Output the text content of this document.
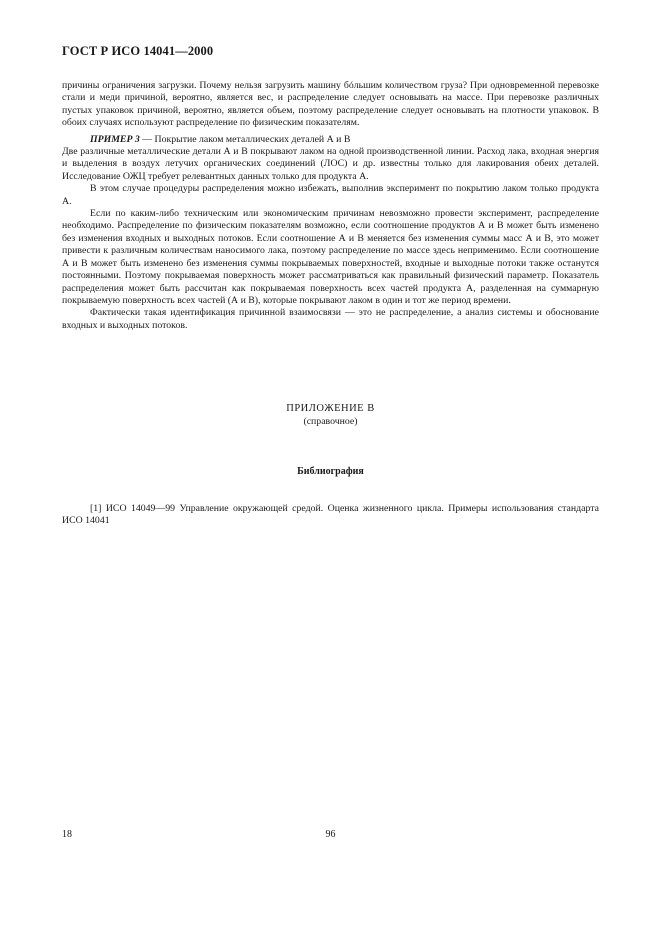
ГОСТ Р ИСО 14041—2000

причины ограничения загрузки. Почему нельзя загрузить машину бóльшим количеством груза? При одновременной перевозке стали и меди причиной, вероятно, является вес, и распределение следует основывать на массе. При перевозке различных пустых упаковок причиной, вероятно, является объем, поэтому распределение следует основывать на плотности упаковок. В обоих случаях используют распределение по физическим показателям.

ПРИМЕР 3 — Покрытие лаком металлических деталей А и В

Две различные металлические детали А и В покрывают лаком на одной производственной линии. Расход лака, входная энергия и выделения в воздух летучих органических соединений (ЛОС) и др. известны только для лакирования обеих деталей. Исследование ОЖЦ требует релевантных данных только для продукта А.

В этом случае процедуры распределения можно избежать, выполнив эксперимент по покрытию лаком только продукта А.

Если по каким-либо техническим или экономическим причинам невозможно провести эксперимент, распределение необходимо. Распределение по физическим показателям возможно, если соотношение продуктов А и В может быть изменено без изменения входных и выходных потоков. Если соотношение А и В меняется без изменения суммы масс А и В, это может привести к различным количествам наносимого лака, поэтому распределение по массе здесь неприменимо. Если соотношение А и В может быть изменено без изменения суммы покрываемых поверхностей, входные и выходные потоки также останутся постоянными. Поэтому покрываемая поверхность может рассматриваться как правильный физический параметр. Показатель распределения может быть рассчитан как покрываемая поверхность всех частей продукта А, разделенная на суммарную покрываемую поверхность всех частей (А и В), которые покрывают лаком в один и тот же период времени.

Фактически такая идентификация причинной взаимосвязи — это не распределение, а анализ системы и обоснование входных и выходных потоков.

ПРИЛОЖЕНИЕ В

(справочное)

Библиография

[1] ИСО 14049—99 Управление окружающей средой. Оценка жизненного цикла. Примеры использования стандарта ИСО 14041

18	96
